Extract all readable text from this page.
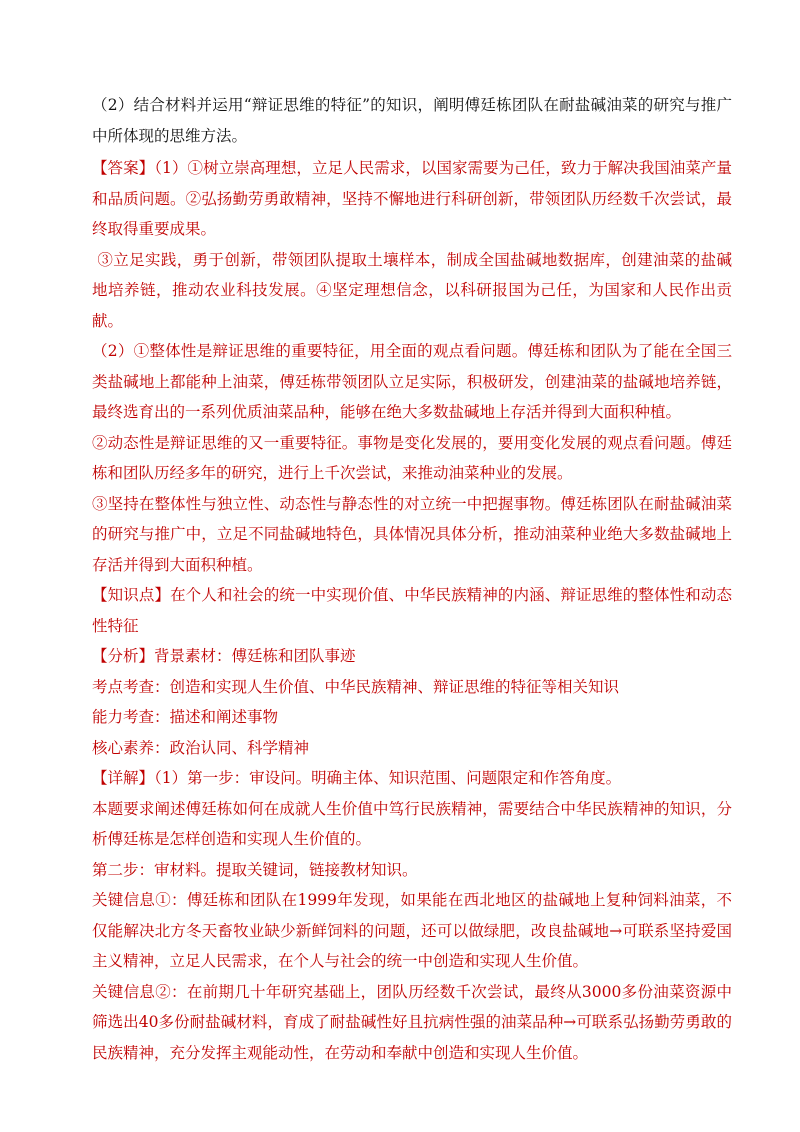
（2）结合材料并运用“辩证思维的特征”的知识，阐明傅廷栋团队在耐盐碱油菜的研究与推广中所体现的思维方法。

【答案】（1）①树立崇高理想，立足人民需求，以国家需要为己任，致力于解决我国油菜产量和品质问题。②弘扬勤劳勇敢精神，坚持不懈地进行科研创新，带领团队历经数千次尝试，最终取得重要成果。

③立足实践，勇于创新，带领团队提取土壤样本，制成全国盐碱地数据库，创建油菜的盐碱地培养链，推动农业科技发展。④坚定理想信念，以科研报国为己任，为国家和人民作出贡献。

（2）①整体性是辩证思维的重要特征，用全面的观点看问题。傅廷栋和团队为了能在全国三类盐碱地上都能种上油菜，傅廷栋带领团队立足实际，积极研发，创建油菜的盐碱地培养链，最终选育出的一系列优质油菜品种，能够在绝大多数盐碱地上存活并得到大面积种植。

②动态性是辩证思维的又一重要特征。事物是变化发展的，要用变化发展的观点看问题。傅廷栋和团队历经多年的研究，进行上千次尝试，来推动油菜种业的发展。

③坚持在整体性与独立性、动态性与静态性的对立统一中把握事物。傅廷栋团队在耐盐碱油菜的研究与推广中，立足不同盐碱地特色，具体情况具体分析，推动油菜种业绝大多数盐碱地上存活并得到大面积种植。

【知识点】在个人和社会的统一中实现价值、中华民族精神的内涵、辩证思维的整体性和动态性特征

【分析】背景素材：傅廷栋和团队事迹

考点考查：创造和实现人生价值、中华民族精神、辩证思维的特征等相关知识

能力考查：描述和阐述事物

核心素养：政治认同、科学精神

【详解】（1）第一步：审设问。明确主体、知识范围、问题限定和作答角度。

本题要求阐述傅廷栋如何在成就人生价值中笃行民族精神，需要结合中华民族精神的知识，分析傅廷栋是怎样创造和实现人生价值的。

第二步：审材料。提取关键词，链接教材知识。

关键信息①：傅廷栋和团队在1999年发现，如果能在西北地区的盐碱地上复种饲料油菜，不仅能解决北方冬天畜牧业缺少新鲜饲料的问题，还可以做绿肥，改良盐碱地→可联系坚持爱国主义精神，立足人民需求，在个人与社会的统一中创造和实现人生价值。

关键信息②：在前期几十年研究基础上，团队历经数千次尝试，最终从3000多份油菜资源中筛选出40多份耐盐碱材料，育成了耐盐碱性好且抗病性强的油菜品种→可联系弘扬勤劳勇敢的民族精神，充分发挥主观能动性，在劳动和奉献中创造和实现人生价值。
